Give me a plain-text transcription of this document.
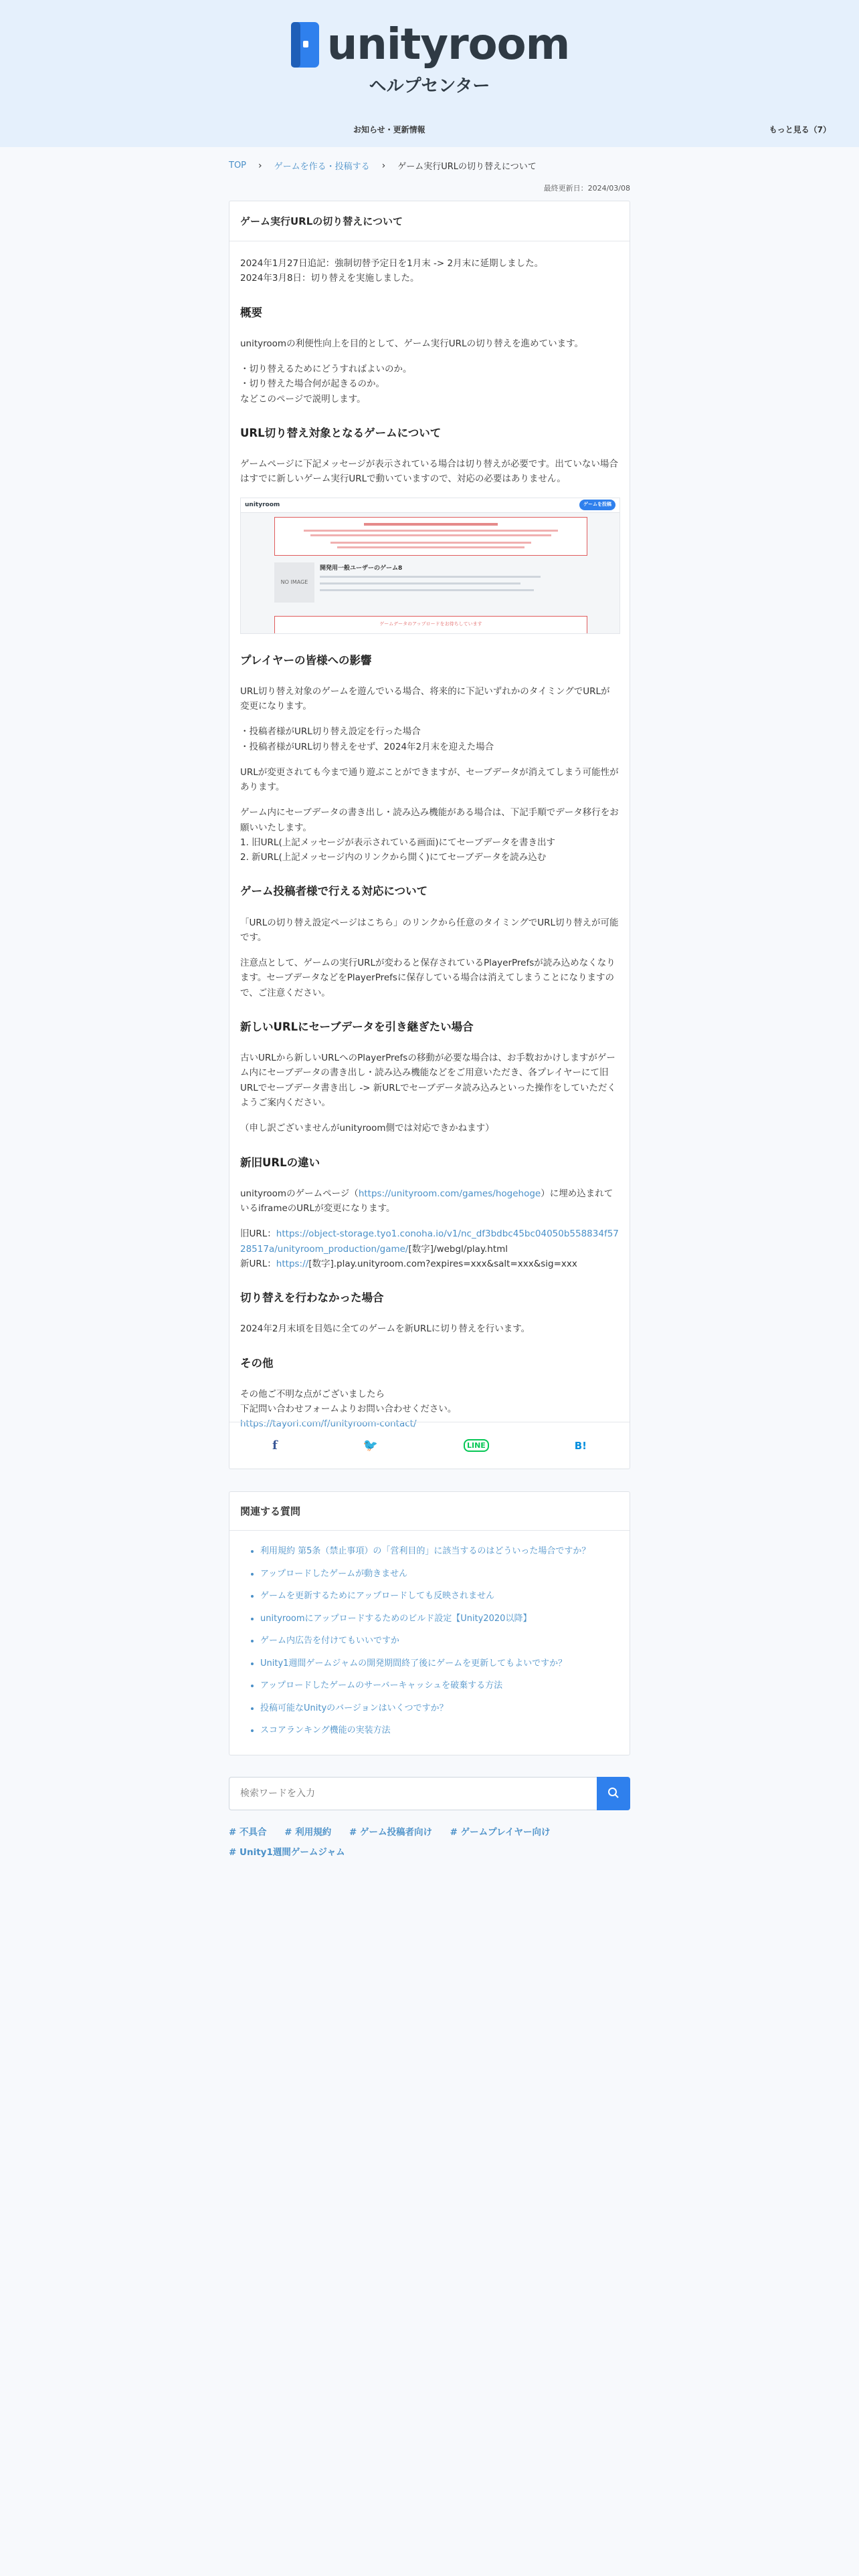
unityroom
ヘルプセンター
お知らせ・更新情報	もっと見る（7）
TOP › ゲームを作る・投稿する › ゲーム実行URLの切り替えについて
最終更新日：2024/03/08
ゲーム実行URLの切り替えについて

2024年1月27日追記：強制切替予定日を1月末 -> 2月末に延期しました。
2024年3月8日：切り替えを実施しました。

概要

unityroomの利便性向上を目的として、ゲーム実行URLの切り替えを進めています。

・切り替えるためにどうすればよいのか。
・切り替えた場合何が起きるのか。
などこのページで説明します。

URL切り替え対象となるゲームについて

ゲームページに下記メッセージが表示されている場合は切り替えが必要です。出ていない場合はすでに新しいゲーム実行URLで動いていますので、対応の必要はありません。

unityroom	ゲームを投稿
NO IMAGE
開発用一般ユーザーのゲーム8
ゲームデータのアップロードをお待ちしています
プレイヤーの皆様への影響

URL切り替え対象のゲームを遊んでいる場合、将来的に下記いずれかのタイミングでURLが変更になります。

・投稿者様がURL切り替え設定を行った場合
・投稿者様がURL切り替えをせず、2024年2月末を迎えた場合

URLが変更されても今まで通り遊ぶことができますが、セーブデータが消えてしまう可能性があります。

ゲーム内にセーブデータの書き出し・読み込み機能がある場合は、下記手順でデータ移行をお願いいたします。
1. 旧URL(上記メッセージが表示されている画面)にてセーブデータを書き出す
2. 新URL(上記メッセージ内のリンクから開く)にてセーブデータを読み込む

ゲーム投稿者様で行える対応について

「URLの切り替え設定ページはこちら」のリンクから任意のタイミングでURL切り替えが可能です。

注意点として、ゲームの実行URLが変わると保存されているPlayerPrefsが読み込めなくなります。セーブデータなどをPlayerPrefsに保存している場合は消えてしまうことになりますので、ご注意ください。

新しいURLにセーブデータを引き継ぎたい場合

古いURLから新しいURLへのPlayerPrefsの移動が必要な場合は、お手数おかけしますがゲーム内にセーブデータの書き出し・読み込み機能などをご用意いただき、各プレイヤーにて旧URLでセーブデータ書き出し -> 新URLでセーブデータ読み込みといった操作をしていただくようご案内ください。

（申し訳ございませんがunityroom側では対応できかねます）

新旧URLの違い

unityroomのゲームページ（https://unityroom.com/games/hogehoge）に埋め込まれているiframeのURLが変更になります。

旧URL：https://object-storage.tyo1.conoha.io/v1/nc_df3bdbc45bc04050b558834f5728517a/unityroom_production/game/[数字]/webgl/play.html
新URL：https://[数字].play.unityroom.com?expires=xxx&salt=xxx&sig=xxx

切り替えを行わなかった場合

2024年2月末頃を目処に全てのゲームを新URLに切り替えを行います。

その他

その他ご不明な点がございましたら
下記問い合わせフォームよりお問い合わせください。
https://tayori.com/f/unityroom-contact/

f	🐦	LINE	B!
関連する質問
• 利用規約 第5条（禁止事項）の「営利目的」に該当するのはどういった場合ですか？
• アップロードしたゲームが動きません
• ゲームを更新するためにアップロードしても反映されません
• unityroomにアップロードするためのビルド設定【Unity2020以降】
• ゲーム内広告を付けてもいいですか
• Unity1週間ゲームジャムの開発期間終了後にゲームを更新してもよいですか？
• アップロードしたゲームのサーバーキャッシュを破棄する方法
• 投稿可能なUnityのバージョンはいくつですか？
• スコアランキング機能の実装方法
検索ワードを入力
# 不具合 # 利用規約 # ゲーム投稿者向け # ゲームプレイヤー向け
# Unity1週間ゲームジャム
